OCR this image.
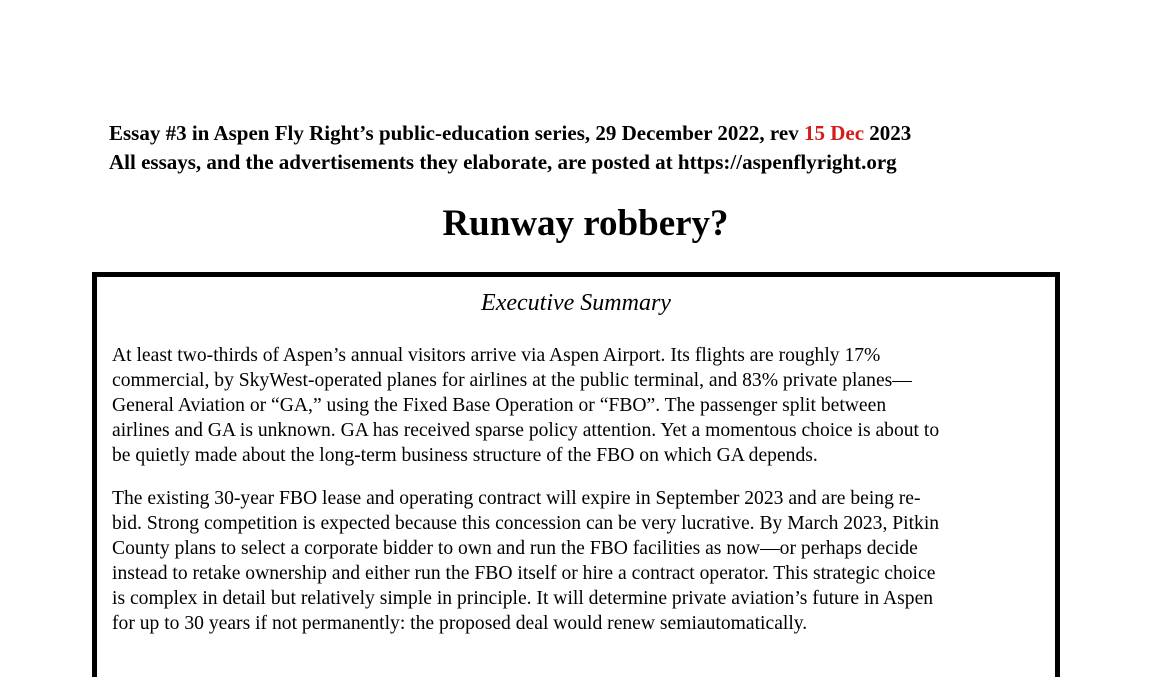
Essay #3 in Aspen Fly Right’s public-education series, 29 December 2022, rev 15 Dec 2023
All essays, and the advertisements they elaborate, are posted at https://aspenflyright.org
Runway robbery?
Executive Summary

At least two-thirds of Aspen’s annual visitors arrive via Aspen Airport. Its flights are roughly 17%
commercial, by SkyWest-operated planes for airlines at the public terminal, and 83% private planes—
General Aviation or “GA,” using the Fixed Base Operation or “FBO”. The passenger split between
airlines and GA is unknown. GA has received sparse policy attention. Yet a momentous choice is about to
be quietly made about the long-term business structure of the FBO on which GA depends.

The existing 30-year FBO lease and operating contract will expire in September 2023 and are being re-
bid. Strong competition is expected because this concession can be very lucrative. By March 2023, Pitkin
County plans to select a corporate bidder to own and run the FBO facilities as now—or perhaps decide
instead to retake ownership and either run the FBO itself or hire a contract operator. This strategic choice
is complex in detail but relatively simple in principle. It will determine private aviation’s future in Aspen
for up to 30 years if not permanently: the proposed deal would renew semiautomatically.
